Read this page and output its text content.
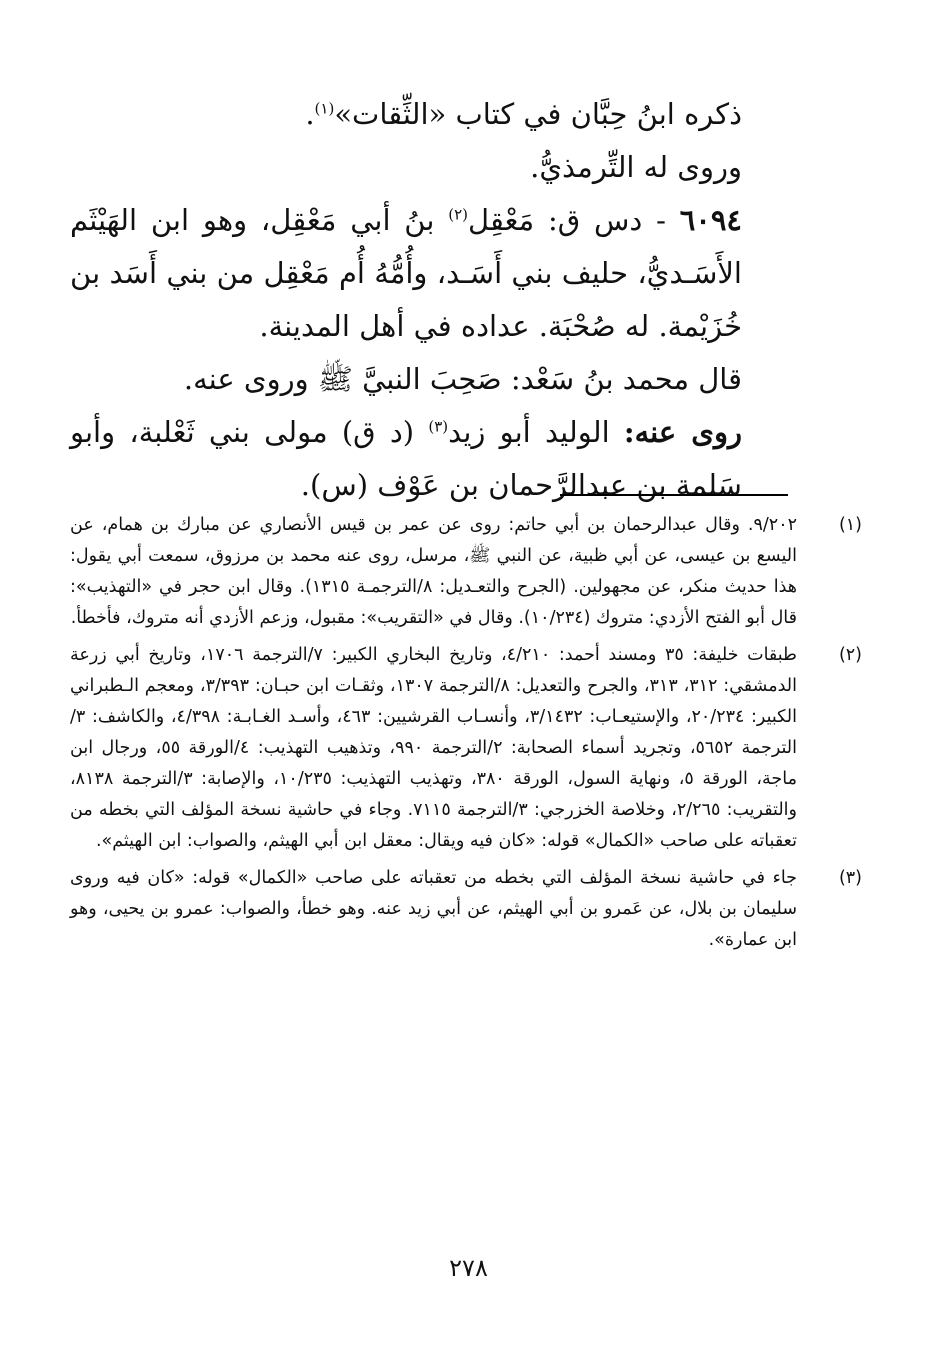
ذكره ابنُ حِبَّان في كتاب «الثِّقات»$^{(١)}$.

وروى له التِّرمذيُّ.

٦٠٩٤ - دس ق: مَعْقِل$^{(٢)}$ بنُ أبي مَعْقِل، وهو ابن الهَيْثَم الأَسَـديُّ، حليف بني أَسَـد، وأُمُّهُ أُم مَعْقِل من بني أَسَد بن خُزَيْمة. له صُحْبَة. عداده في أهل المدينة.

قال محمد بنُ سَعْد: صَحِبَ النبيَّ ﷺ وروى عنه.

روى عنه: الوليد أبو زيد$^{(٣)}$ (د ق) مولى بني ثَعْلبة، وأبو سَلمة بن عبدالرَّحمان بن عَوْف (س).

(١)
٩/٢٠٢. وقال عبدالرحمان بن أبي حاتم: روى عن عمر بن قيس الأنصاري عن مبارك بن همام، عن اليسع بن عيسى، عن أبي ظبية، عن النبي ﷺ، مرسل، روى عنه محمد بن مرزوق، سمعت أبي يقول: هذا حديث منكر، عن مجهولين. (الجرح والتعـديل: ٨/الترجمـة ١٣١٥). وقال ابن حجر في «التهذيب»: قال أبو الفتح الأزدي: متروك (١٠/٢٣٤). وقال في «التقريب»: مقبول، وزعم الأزدي أنه متروك، فأخطأ.
(٢)
طبقات خليفة: ٣٥ ومسند أحمد: ٤/٢١٠، وتاريخ البخاري الكبير: ٧/الترجمة ١٧٠٦، وتاريخ أبي زرعة الدمشقي: ٣١٢، ٣١٣، والجرح والتعديل: ٨/الترجمة ١٣٠٧، وثقـات ابن حبـان: ٣/٣٩٣، ومعجم الـطبراني الكبير: ٢٠/٢٣٤، والإستيعـاب: ٣/١٤٣٢، وأنسـاب القرشيين: ٤٦٣، وأسـد الغـابـة: ٤/٣٩٨، والكاشف: ٣/الترجمة ٥٦٥٢، وتجريد أسماء الصحابة: ٢/الترجمة ٩٩٠، وتذهيب التهذيب: ٤/الورقة ٥٥، ورجال ابن ماجة، الورقة ٥، ونهاية السول، الورقة ٣٨٠، وتهذيب التهذيب: ١٠/٢٣٥، والإصابة: ٣/الترجمة ٨١٣٨، والتقريب: ٢/٢٦٥، وخلاصة الخزرجي: ٣/الترجمة ٧١١٥. وجاء في حاشية نسخة المؤلف التي بخطه من تعقباته على صاحب «الكمال» قوله: «كان فيه ويقال: معقل ابن أبي الهيثم، والصواب: ابن الهيثم».
(٣)
جاء في حاشية نسخة المؤلف التي بخطه من تعقباته على صاحب «الكمال» قوله: «كان فيه وروى سليمان بن بلال، عن عَمرو بن أبي الهيثم، عن أبي زيد عنه. وهو خطأ، والصواب: عمرو بن يحيى، وهو ابن عمارة».
٢٧٨
